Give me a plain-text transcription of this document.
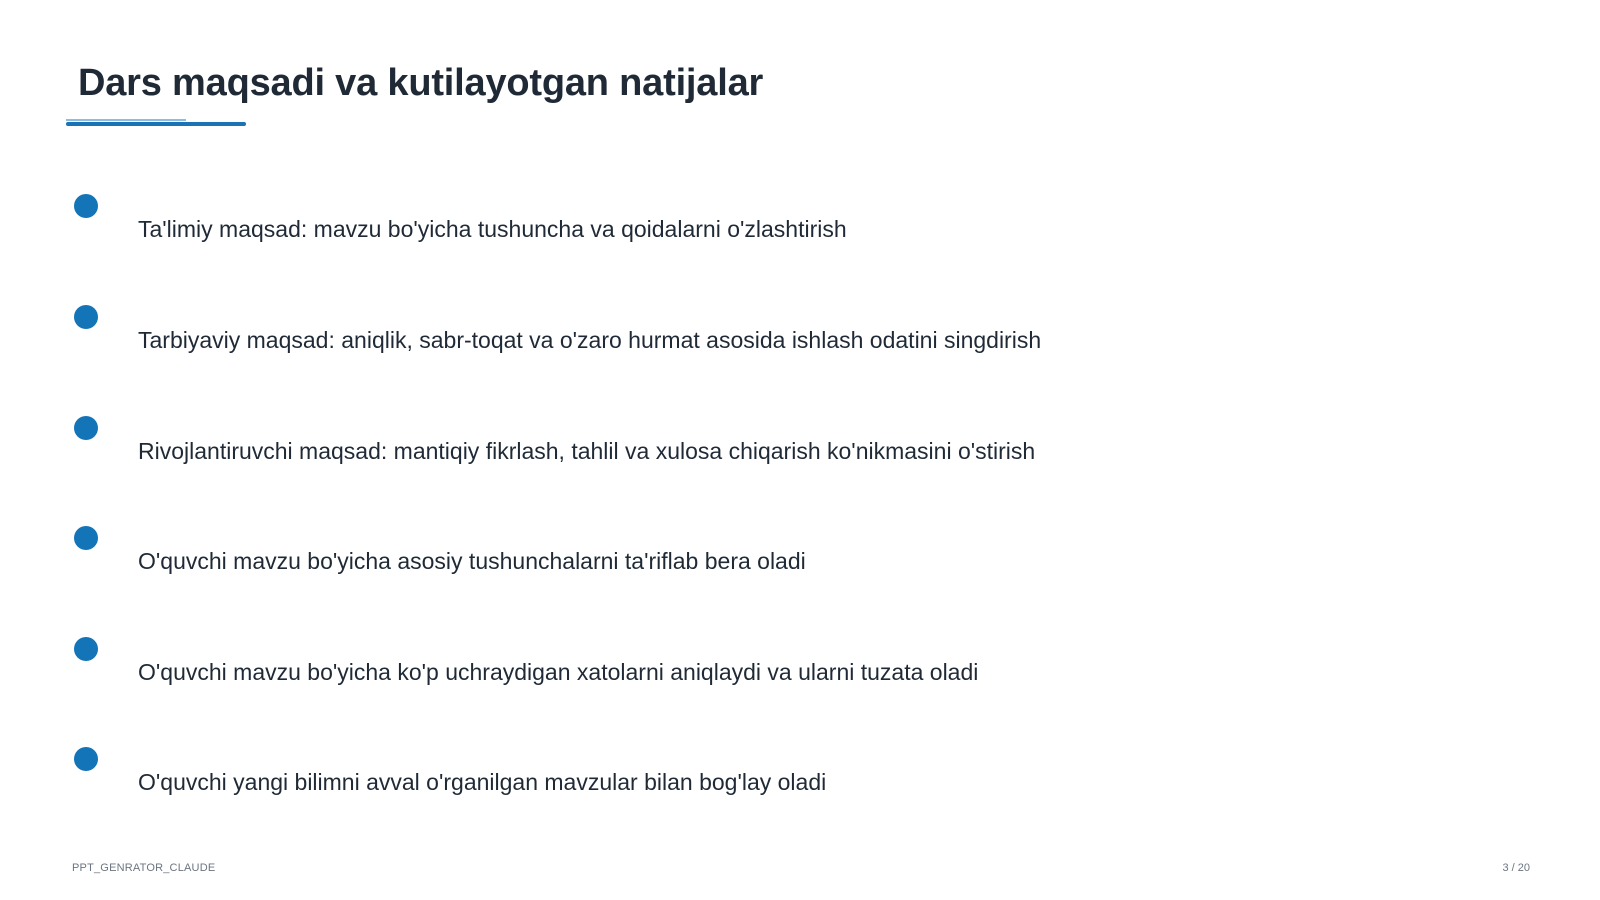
Dars maqsadi va kutilayotgan natijalar
Ta'limiy maqsad: mavzu bo'yicha tushuncha va qoidalarni o'zlashtirish
Tarbiyaviy maqsad: aniqlik, sabr-toqat va o'zaro hurmat asosida ishlash odatini singdirish
Rivojlantiruvchi maqsad: mantiqiy fikrlash, tahlil va xulosa chiqarish ko'nikmasini o'stirish
O'quvchi mavzu bo'yicha asosiy tushunchalarni ta'riflab bera oladi
O'quvchi mavzu bo'yicha ko'p uchraydigan xatolarni aniqlaydi va ularni tuzata oladi
O'quvchi yangi bilimni avval o'rganilgan mavzular bilan bog'lay oladi
PPT_GENRATOR_CLAUDE	3 / 20
